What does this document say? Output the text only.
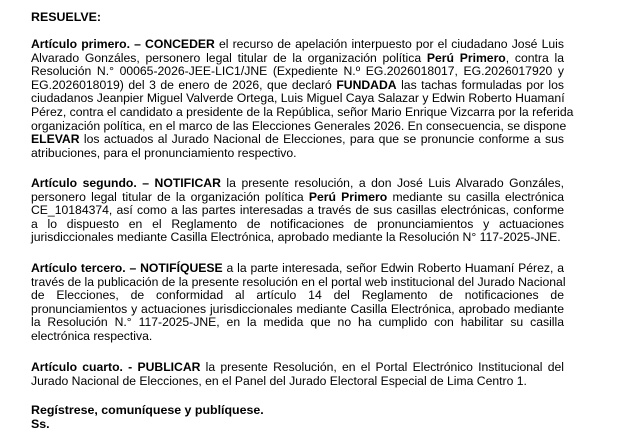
RESUELVE:
Artículo primero. – CONCEDER el recurso de apelación interpuesto por el ciudadano José Luis
Alvarado Gonzáles, personero legal titular de la organización política Perú Primero, contra la
Resolución N.° 00065-2026-JEE-LIC1/JNE (Expediente N.º EG.2026018017, EG.2026017920 y
EG.2026018019) del 3 de enero de 2026, que declaró FUNDADA las tachas formuladas por los
ciudadanos Jeanpier Miguel Valverde Ortega, Luis Miguel Caya Salazar y Edwin Roberto Huamaní
Pérez, contra el candidato a presidente de la República, señor Mario Enrique Vizcarra por la referida
organización política, en el marco de las Elecciones Generales 2026. En consecuencia, se dispone
ELEVAR los actuados al Jurado Nacional de Elecciones, para que se pronuncie conforme a sus
atribuciones, para el pronunciamiento respectivo.
Artículo segundo. – NOTIFICAR la presente resolución, a don José Luis Alvarado Gonzáles,
personero legal titular de la organización política Perú Primero mediante su casilla electrónica
CE_10184374, así como a las partes interesadas a través de sus casillas electrónicas, conforme
a lo dispuesto en el Reglamento de notificaciones de pronunciamientos y actuaciones
jurisdiccionales mediante Casilla Electrónica, aprobado mediante la Resolución N° 117-2025-JNE.
Artículo tercero. – NOTIFÍQUESE a la parte interesada, señor Edwin Roberto Huamaní Pérez, a
través de la publicación de la presente resolución en el portal web institucional del Jurado Nacional
de Elecciones, de conformidad al artículo 14 del Reglamento de notificaciones de
pronunciamientos y actuaciones jurisdiccionales mediante Casilla Electrónica, aprobado mediante
la Resolución N.° 117-2025-JNE, en la medida que no ha cumplido con habilitar su casilla
electrónica respectiva.
Artículo cuarto. - PUBLICAR la presente Resolución, en el Portal Electrónico Institucional del
Jurado Nacional de Elecciones, en el Panel del Jurado Electoral Especial de Lima Centro 1.
Regístrese, comuníquese y publíquese.
Ss.
